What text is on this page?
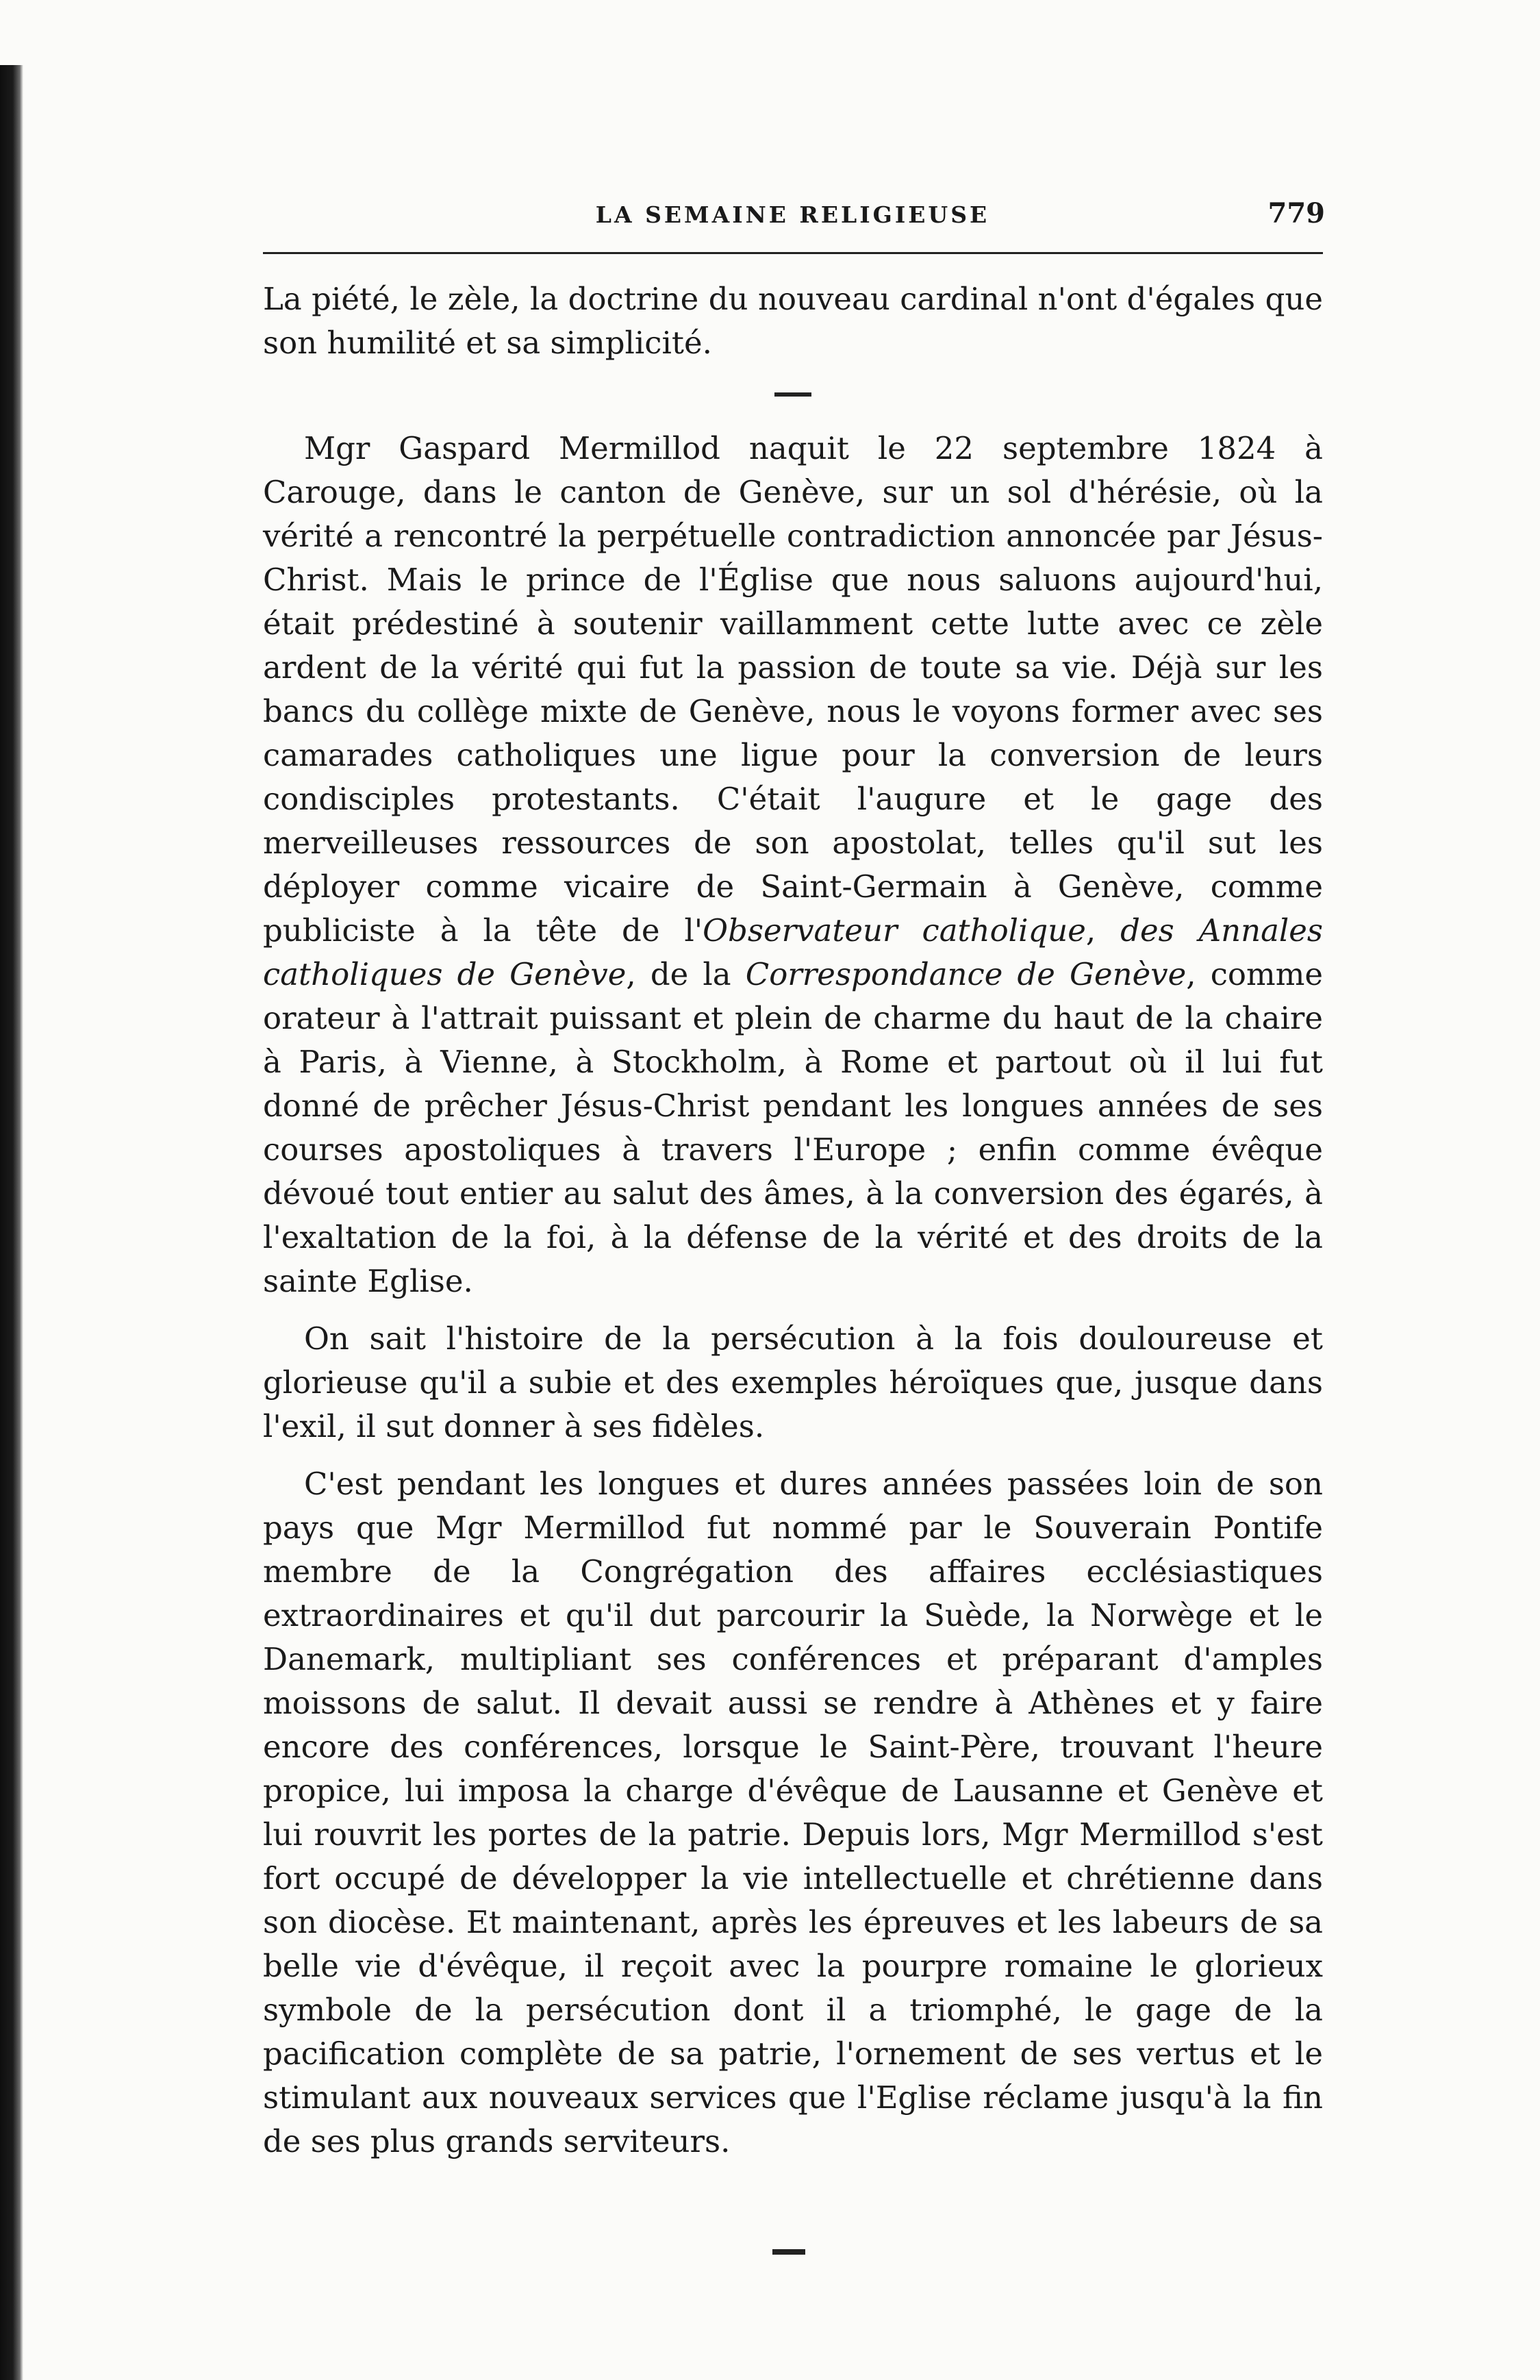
LA SEMAINE RELIGIEUSE	779

La piété, le zèle, la doctrine du nouveau cardinal n'ont d'égales que son humilité et sa simplicité.

Mgr Gaspard Mermillod naquit le 22 septembre 1824 à Carouge, dans le canton de Genève, sur un sol d'hérésie, où la vérité a rencontré la perpétuelle contradiction annoncée par Jésus-Christ. Mais le prince de l'Église que nous saluons aujourd'hui, était prédestiné à soutenir vaillamment cette lutte avec ce zèle ardent de la vérité qui fut la passion de toute sa vie. Déjà sur les bancs du collège mixte de Genève, nous le voyons former avec ses camarades catholiques une ligue pour la conversion de leurs condisciples protestants. C'était l'augure et le gage des merveilleuses ressources de son apostolat, telles qu'il sut les déployer comme vicaire de Saint-Germain à Genève, comme publiciste à la tête de l'Observateur catholique, des Annales catholiques de Genève, de la Correspondance de Genève, comme orateur à l'attrait puissant et plein de charme du haut de la chaire à Paris, à Vienne, à Stockholm, à Rome et partout où il lui fut donné de prêcher Jésus-Christ pendant les longues années de ses courses apostoliques à travers l'Europe ; enfin comme évêque dévoué tout entier au salut des âmes, à la conversion des égarés, à l'exaltation de la foi, à la défense de la vérité et des droits de la sainte Eglise.

On sait l'histoire de la persécution à la fois douloureuse et glorieuse qu'il a subie et des exemples héroïques que, jusque dans l'exil, il sut donner à ses fidèles.

C'est pendant les longues et dures années passées loin de son pays que Mgr Mermillod fut nommé par le Souverain Pontife membre de la Congrégation des affaires ecclésiastiques extraordinaires et qu'il dut parcourir la Suède, la Norwège et le Danemark, multipliant ses conférences et préparant d'amples moissons de salut. Il devait aussi se rendre à Athènes et y faire encore des conférences, lorsque le Saint-Père, trouvant l'heure propice, lui imposa la charge d'évêque de Lausanne et Genève et lui rouvrit les portes de la patrie. Depuis lors, Mgr Mermillod s'est fort occupé de développer la vie intellectuelle et chrétienne dans son diocèse. Et maintenant, après les épreuves et les labeurs de sa belle vie d'évêque, il reçoit avec la pourpre romaine le glorieux symbole de la persécution dont il a triomphé, le gage de la pacification complète de sa patrie, l'ornement de ses vertus et le stimulant aux nouveaux services que l'Eglise réclame jusqu'à la fin de ses plus grands serviteurs.
